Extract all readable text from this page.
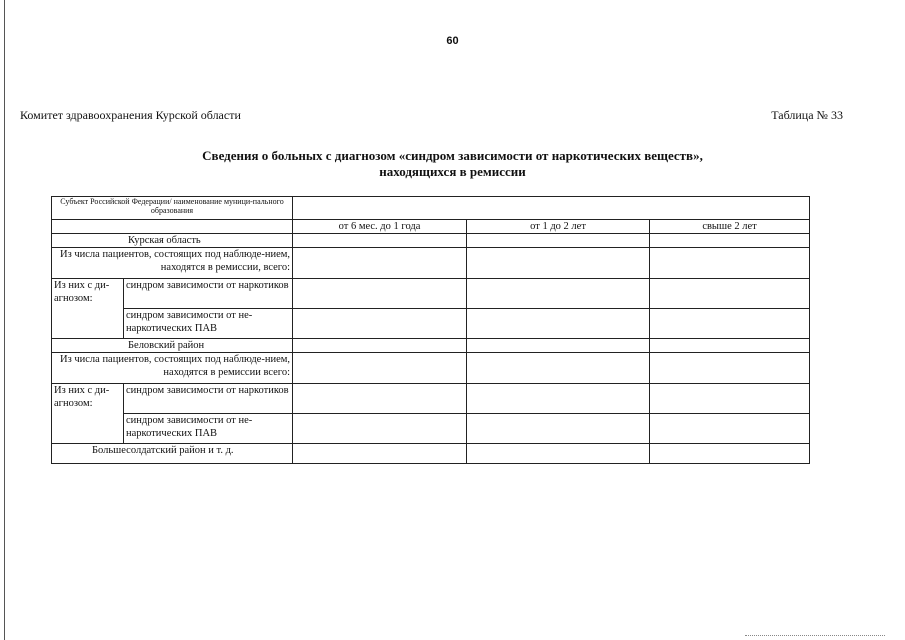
60
Комитет здравоохранения Курской области	Таблица № 33
Сведения о больных с диагнозом «синдром зависимости от наркотических веществ»,
находящихся в ремиссии
Субъект Российской Федерации/ наименование муници-пального образования				
		от 6 мес. до 1 года	от 1 до 2 лет	свыше 2 лет
Курская область				
Из числа пациентов, состоящих под наблюде-нием, находятся в ремиссии, всего:				
Из них с ди-агнозом:	синдром зависимости от наркотиков			
	синдром зависимости от не-наркотических ПАВ			
Беловский район				
Из числа пациентов, состоящих под наблюде-нием, находятся в ремиссии всего:				
Из них с ди-агнозом:	синдром зависимости от наркотиков			
	синдром зависимости от не-наркотических ПАВ			
Большесолдатский район и т. д.				
